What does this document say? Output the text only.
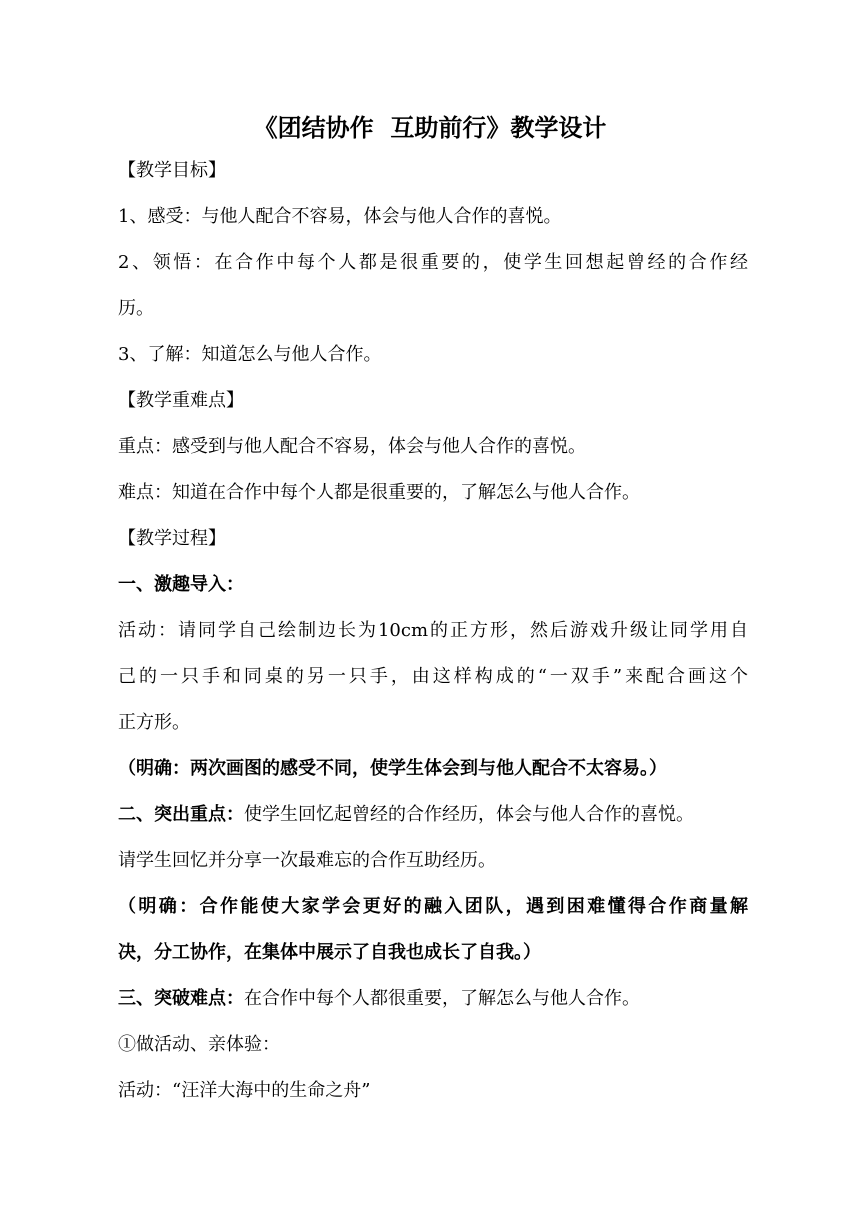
《团结协作  互助前行》教学设计
【教学目标】
1、感受：与他人配合不容易，体会与他人合作的喜悦。
2、领悟：在合作中每个人都是很重要的，使学生回想起曾经的合作经
历。
3、了解：知道怎么与他人合作。
【教学重难点】
重点：感受到与他人配合不容易，体会与他人合作的喜悦。
难点：知道在合作中每个人都是很重要的，了解怎么与他人合作。
【教学过程】
一、激趣导入：
活动：请同学自己绘制边长为10cm的正方形，然后游戏升级让同学用自
己的一只手和同桌的另一只手，由这样构成的“一双手”来配合画这个
正方形。
（明确：两次画图的感受不同，使学生体会到与他人配合不太容易。）
二、突出重点：使学生回忆起曾经的合作经历，体会与他人合作的喜悦。
请学生回忆并分享一次最难忘的合作互助经历。
（明确：合作能使大家学会更好的融入团队，遇到困难懂得合作商量解
决，分工协作，在集体中展示了自我也成长了自我。）
三、突破难点：在合作中每个人都很重要，了解怎么与他人合作。
①做活动、亲体验：
活动：“汪洋大海中的生命之舟”
